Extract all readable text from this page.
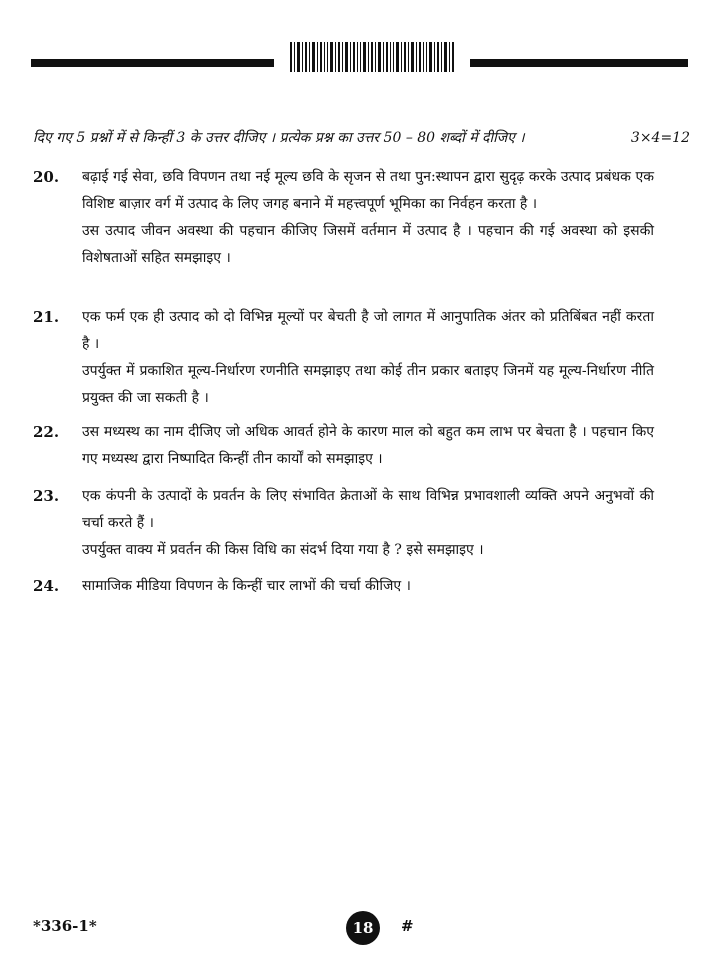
दिए गए 5 प्रश्नों में से किन्हीं 3 के उत्तर दीजिए । प्रत्येक प्रश्न का उत्तर 50 – 80 शब्दों में दीजिए ।	3×4=12
20. बढ़ाई गई सेवा, छवि विपणन तथा नई मूल्य छवि के सृजन से तथा पुन:स्थापन द्वारा सुदृढ़ करके उत्पाद प्रबंधक एक विशिष्ट बाज़ार वर्ग में उत्पाद के लिए जगह बनाने में महत्त्वपूर्ण भूमिका का निर्वहन करता है ।

उस उत्पाद जीवन अवस्था की पहचान कीजिए जिसमें वर्तमान में उत्पाद है । पहचान की गई अवस्था को इसकी विशेषताओं सहित समझाइए ।

21. एक फर्म एक ही उत्पाद को दो विभिन्न मूल्यों पर बेचती है जो लागत में आनुपातिक अंतर को प्रतिबिंबत नहीं करता है ।

उपर्युक्त में प्रकाशित मूल्य-निर्धारण रणनीति समझाइए तथा कोई तीन प्रकार बताइए जिनमें यह मूल्य-निर्धारण नीति प्रयुक्त की जा सकती है ।

22. उस मध्यस्थ का नाम दीजिए जो अधिक आवर्त होने के कारण माल को बहुत कम लाभ पर बेचता है । पहचान किए गए मध्यस्थ द्वारा निष्पादित किन्हीं तीन कार्यों को समझाइए ।

23. एक कंपनी के उत्पादों के प्रवर्तन के लिए संभावित क्रेताओं के साथ विभिन्न प्रभावशाली व्यक्ति अपने अनुभवों की चर्चा करते हैं ।

उपर्युक्त वाक्य में प्रवर्तन की किस विधि का संदर्भ दिया गया है ? इसे समझाइए ।

24. सामाजिक मीडिया विपणन के किन्हीं चार लाभों की चर्चा कीजिए ।

*336-1*	18	#
